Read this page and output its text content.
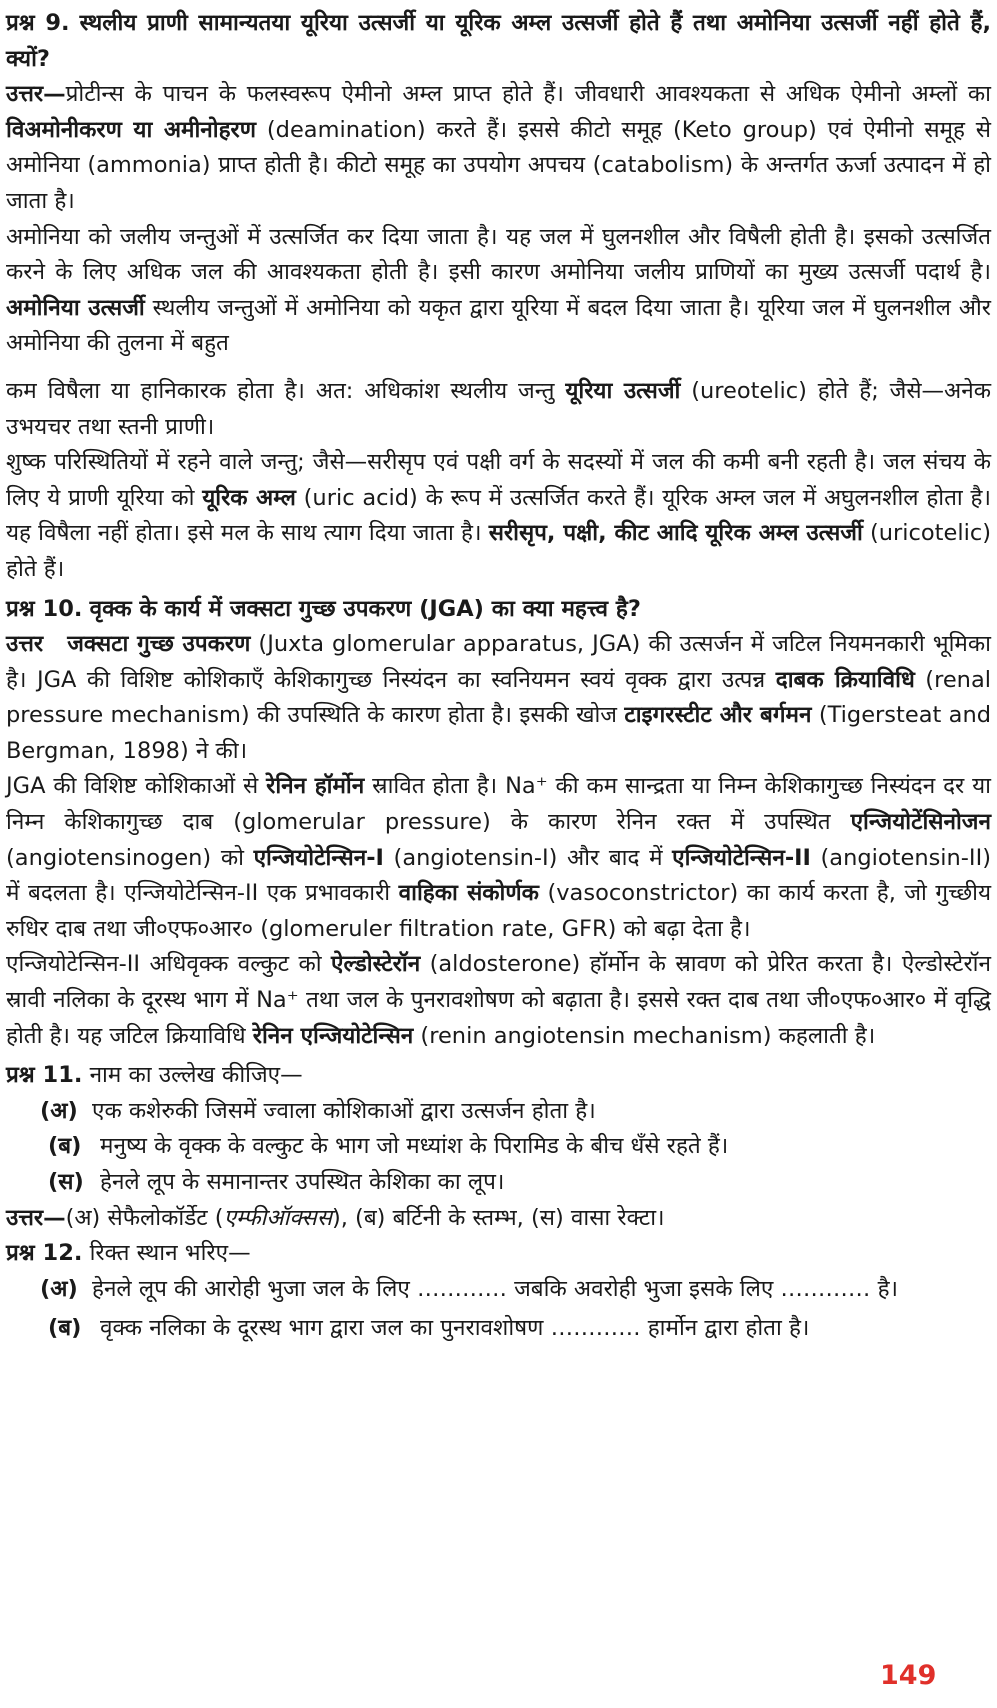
प्रश्न 9. स्थलीय प्राणी सामान्यतया यूरिया उत्सर्जी या यूरिक अम्ल उत्सर्जी होते हैं तथा अमोनिया उत्सर्जी नहीं होते हैं, क्यों?

उत्तर—प्रोटीन्स के पाचन के फलस्वरूप ऐमीनो अम्ल प्राप्त होते हैं। जीवधारी आवश्यकता से अधिक ऐमीनो अम्लों का विअमोनीकरण या अमीनोहरण (deamination) करते हैं। इससे कीटो समूह (Keto group) एवं ऐमीनो समूह से अमोनिया (ammonia) प्राप्त होती है। कीटो समूह का उपयोग अपचय (catabolism) के अन्तर्गत ऊर्जा उत्पादन में हो जाता है।

अमोनिया को जलीय जन्तुओं में उत्सर्जित कर दिया जाता है। यह जल में घुलनशील और विषैली होती है। इसको उत्सर्जित करने के लिए अधिक जल की आवश्यकता होती है। इसी कारण अमोनिया जलीय प्राणियों का मुख्य उत्सर्जी पदार्थ है। अमोनिया उत्सर्जी स्थलीय जन्तुओं में अमोनिया को यकृत द्वारा यूरिया में बदल दिया जाता है। यूरिया जल में घुलनशील और अमोनिया की तुलना में बहुत

कम विषैला या हानिकारक होता है। अत: अधिकांश स्थलीय जन्तु यूरिया उत्सर्जी (ureotelic) होते हैं; जैसे—अनेक उभयचर तथा स्तनी प्राणी।

शुष्क परिस्थितियों में रहने वाले जन्तु; जैसे—सरीसृप एवं पक्षी वर्ग के सदस्यों में जल की कमी बनी रहती है। जल संचय के लिए ये प्राणी यूरिया को यूरिक अम्ल (uric acid) के रूप में उत्सर्जित करते हैं। यूरिक अम्ल जल में अघुलनशील होता है। यह विषैला नहीं होता। इसे मल के साथ त्याग दिया जाता है। सरीसृप, पक्षी, कीट आदि यूरिक अम्ल उत्सर्जी (uricotelic) होते हैं।

प्रश्न 10. वृक्क के कार्य में जक्सटा गुच्छ उपकरण (JGA) का क्या महत्त्व है?

उत्तर जक्सटा गुच्छ उपकरण (Juxta glomerular apparatus, JGA) की उत्सर्जन में जटिल नियमनकारी भूमिका है। JGA की विशिष्ट कोशिकाएँ केशिकागुच्छ निस्यंदन का स्वनियमन स्वयं वृक्क द्वारा उत्पन्न दाबक क्रियाविधि (renal pressure mechanism) की उपस्थिति के कारण होता है। इसकी खोज टाइगरस्टीट और बर्गमन (Tigersteat and Bergman, 1898) ने की।

JGA की विशिष्ट कोशिकाओं से रेनिन हॉर्मोन स्रावित होता है। Na⁺ की कम सान्द्रता या निम्न केशिकागुच्छ निस्यंदन दर या निम्न केशिकागुच्छ दाब (glomerular pressure) के कारण रेनिन रक्त में उपस्थित एन्जियोटेंसिनोजन (angiotensinogen) को एन्जियोटेन्सिन-I (angiotensin-I) और बाद में एन्जियोटेन्सिन-II (angiotensin-II) में बदलता है। एन्जियोटेन्सिन-II एक प्रभावकारी वाहिका संकोर्णक (vasoconstrictor) का कार्य करता है, जो गुच्छीय रुधिर दाब तथा जी०एफ०आर० (glomeruler filtration rate, GFR) को बढ़ा देता है।

एन्जियोटेन्सिन-II अधिवृक्क वल्कुट को ऐल्डोस्टेरॉन (aldosterone) हॉर्मोन के स्रावण को प्रेरित करता है। ऐल्डोस्टेरॉन स्रावी नलिका के दूरस्थ भाग में Na⁺ तथा जल के पुनरावशोषण को बढ़ाता है। इससे रक्त दाब तथा जी०एफ०आर० में वृद्धि होती है। यह जटिल क्रियाविधि रेनिन एन्जियोटेन्सिन (renin angiotensin mechanism) कहलाती है।

प्रश्न 11. नाम का उल्लेख कीजिए—

(अ) एक कशेरुकी जिसमें ज्वाला कोशिकाओं द्वारा उत्सर्जन होता है।

(ब) मनुष्य के वृक्क के वल्कुट के भाग जो मध्यांश के पिरामिड के बीच धँसे रहते हैं।

(स) हेनले लूप के समानान्तर उपस्थित केशिका का लूप।

उत्तर—(अ) सेफैलोकॉर्डेट (एम्फीऑक्सस), (ब) बर्टिनी के स्तम्भ, (स) वासा रेक्टा।

प्रश्न 12. रिक्त स्थान भरिए—

(अ) हेनले लूप की आरोही भुजा जल के लिए ………… जबकि अवरोही भुजा इसके लिए ………… है।

(ब) वृक्क नलिका के दूरस्थ भाग द्वारा जल का पुनरावशोषण ………… हार्मोन द्वारा होता है।

149
